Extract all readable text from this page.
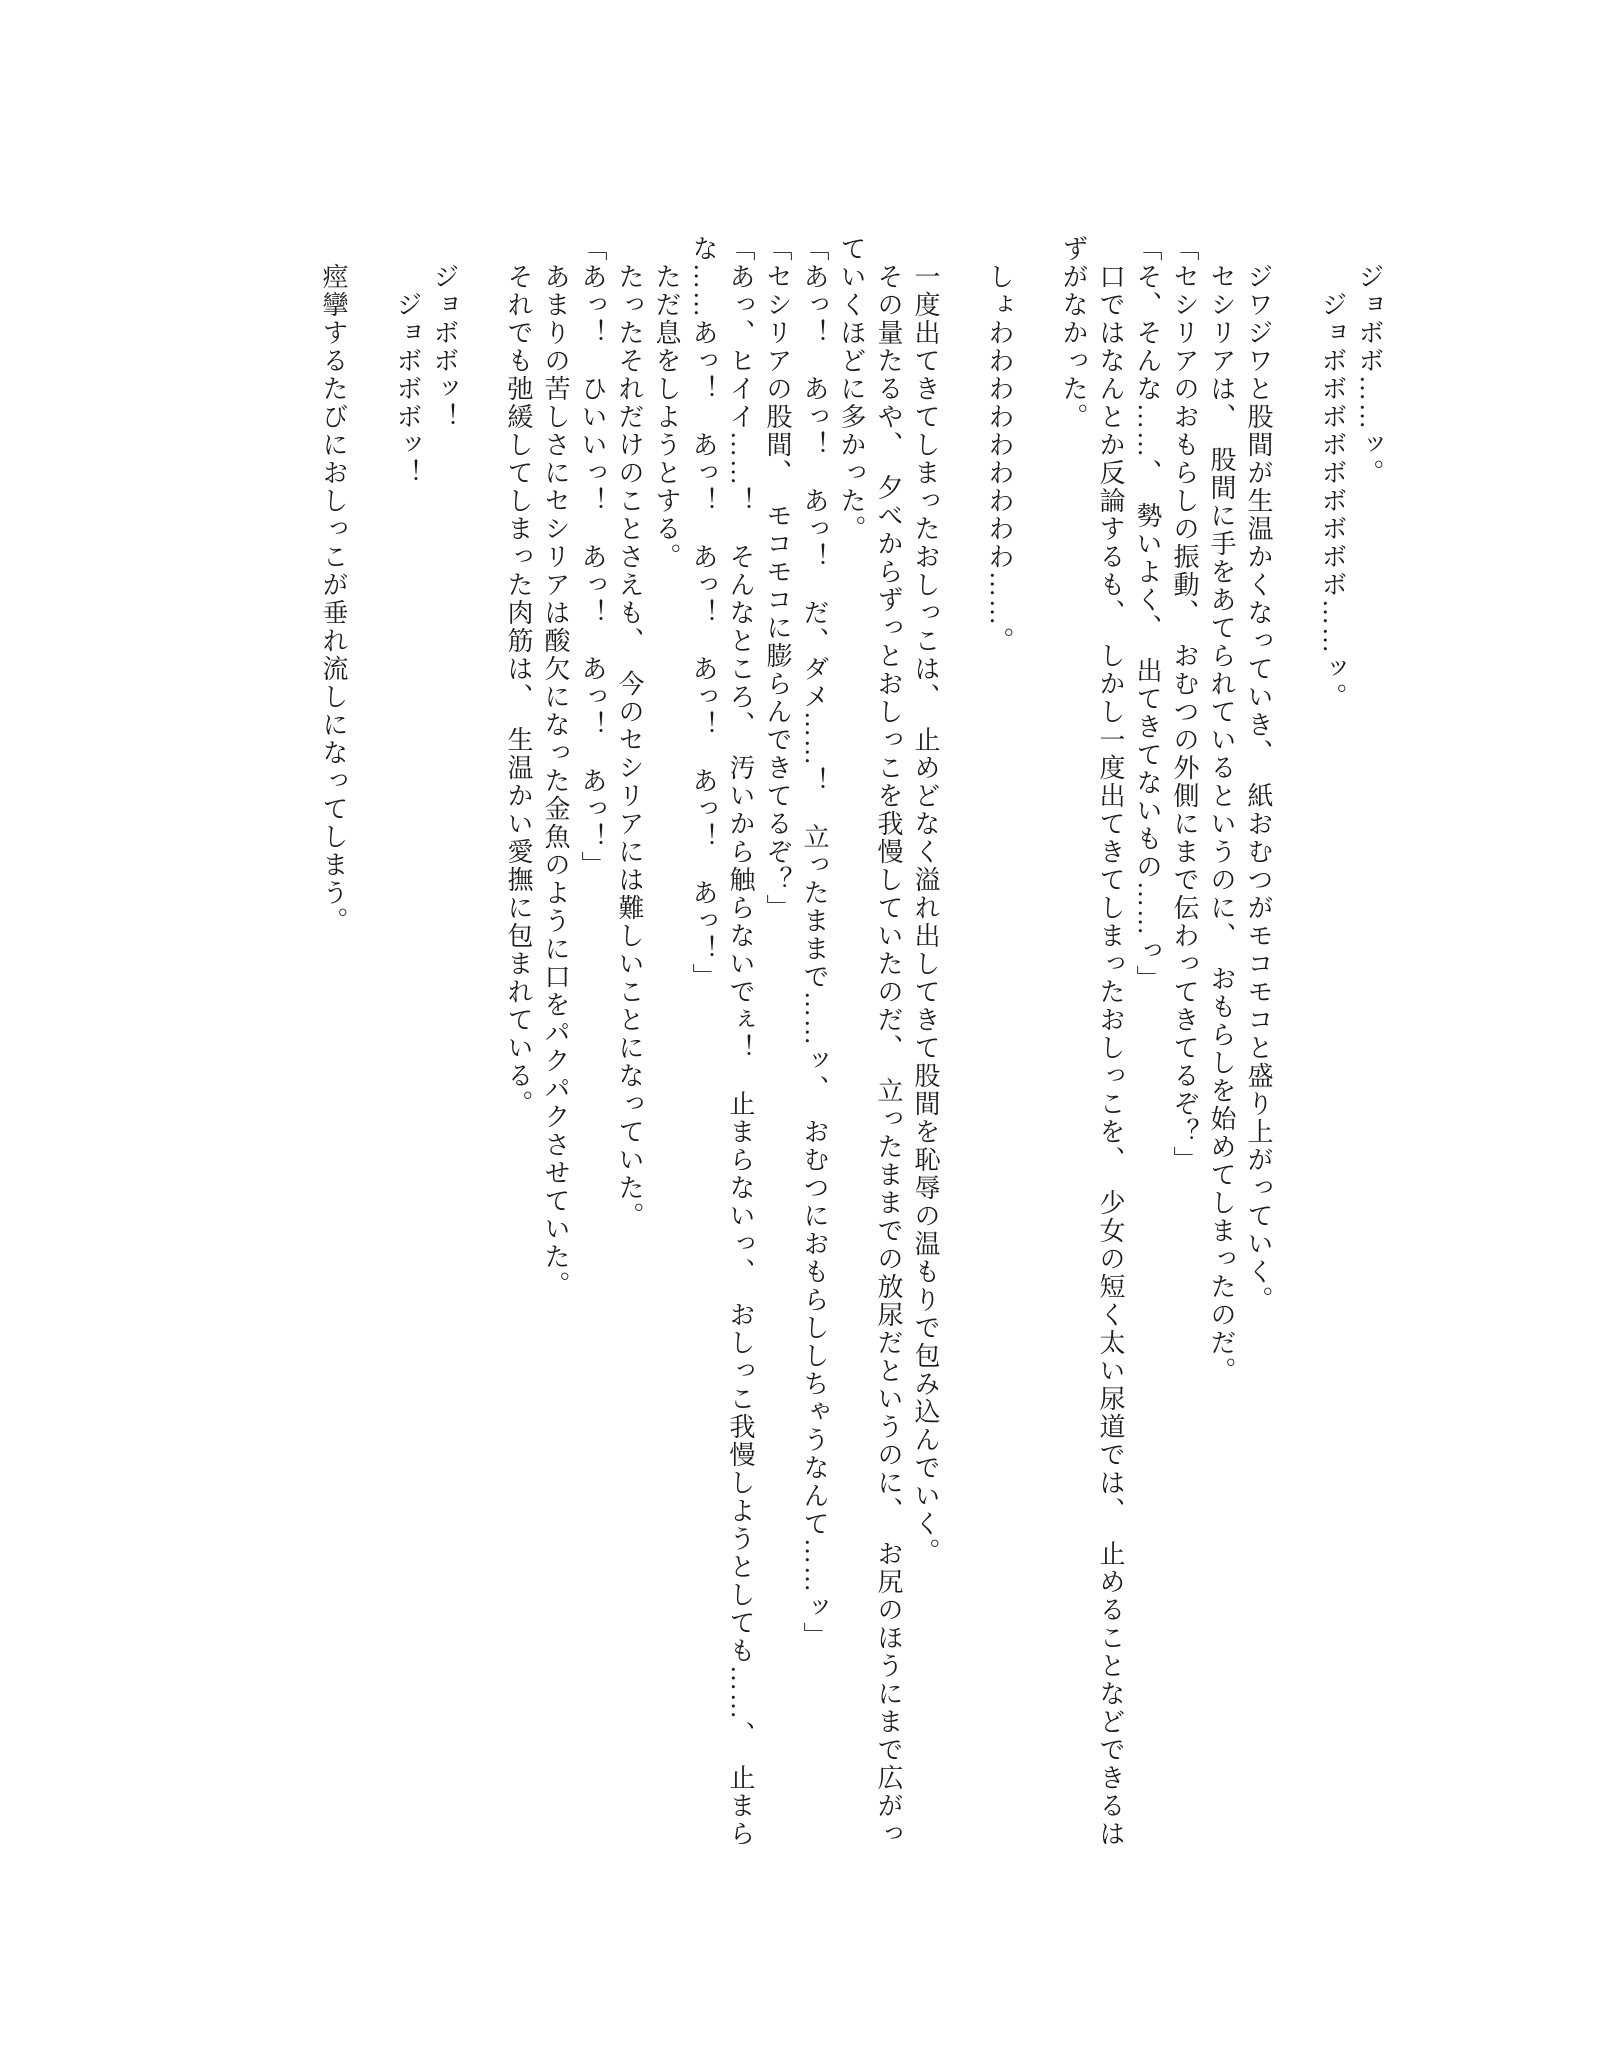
　ジョボボ……ッ。

　　ジョボボボボボボボボボ……ッ。

　ジワジワと股間が生温かくなっていき、　紙おむつがモコモコと盛り上がっていく。

　セシリアは、　股間に手をあてられているというのに、　おもらしを始めてしまったのだ。

「セシリアのおもらしの振動、　おむつの外側にまで伝わってきてるぞ？」

「そ、そんな……、　勢いよく、　出てきてないもの……っ」

　口ではなんとか反論するも、　しかし一度出てきてしまったおしっこを、　少女の短く太い尿道では、　止めることなどできるはずがなかった。

　しょわわわわわわわわわ……。

　一度出てきてしまったおしっこは、　止めどなく溢れ出してきて股間を恥辱の温もりで包み込んでいく。

　その量たるや、　夕べからずっとおしっこを我慢していたのだ、　立ったままでの放尿だというのに、　お尻のほうにまで広がっていくほどに多かった。

「あっ！　あっ！　あっ！　だ、ダメ……！　立ったままで……ッ、　おむつにおもらししちゃうなんて……ッ」

「セシリアの股間、　モコモコに膨らんできてるぞ？」

「あっ、ヒイイ……！　そんなところ、　汚いから触らないでぇ！　止まらないっ、　おしっこ我慢しようとしても……、　止まらな……あっ！　あっ！　あっ！　あっ！　あっ！　あっ！」

　ただ息をしようとする。

　たったそれだけのことさえも、　今のセシリアには難しいことになっていた。

「あっ！　ひいいっ！　あっ！　あっ！　あっ！」

　あまりの苦しさにセシリアは酸欠になった金魚のように口をパクパクさせていた。

　それでも弛緩してしまった肉筋は、　生温かい愛撫に包まれている。

　ジョボボッ！

　　ジョボボボッ！

　痙攣するたびにおしっこが垂れ流しになってしまう。
